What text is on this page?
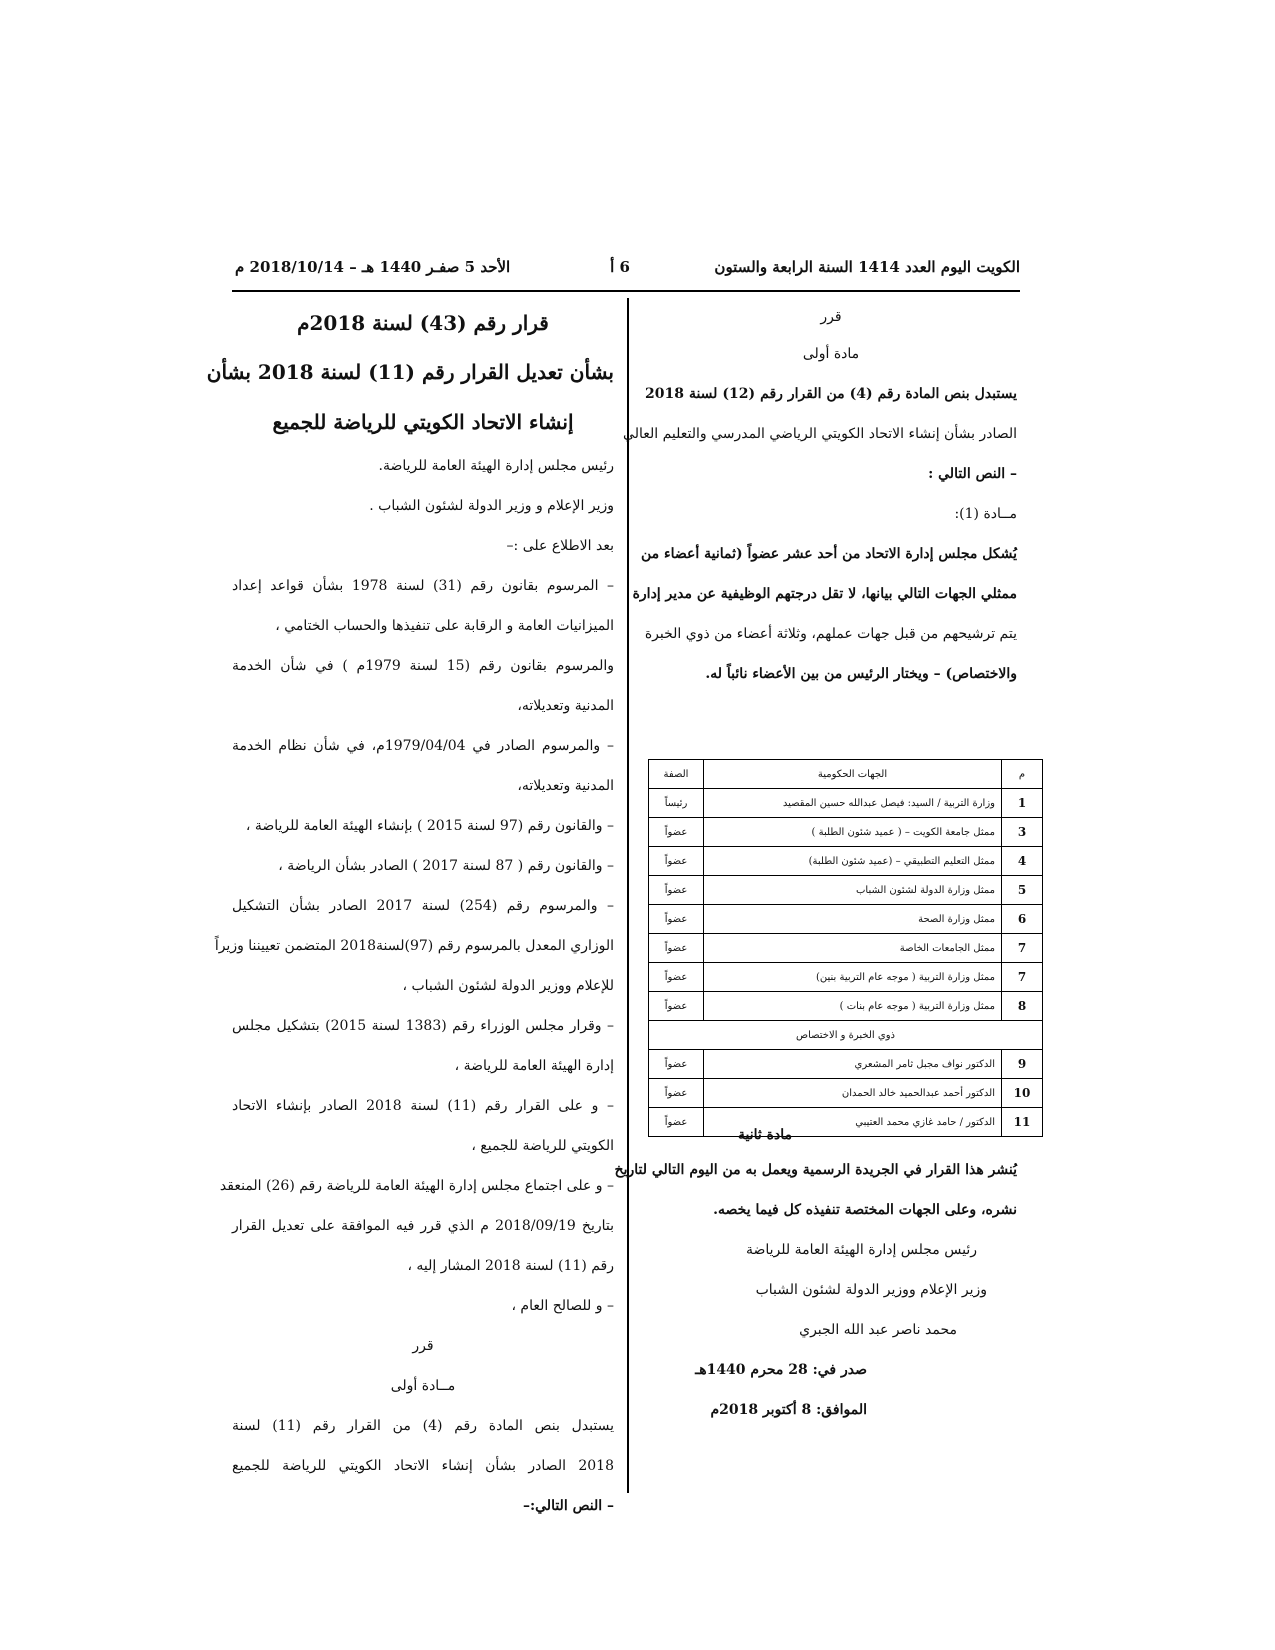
الكويت اليوم العدد 1414 السنة الرابعة والستون
6 أ
الأحد 5 صفـر 1440 هـ – 2018/10/14 م
قرر
مادة أولى
يستبدل بنص المادة رقم (4) من القرار رقم (12) لسنة 2018
الصادر بشأن إنشاء الاتحاد الكويتي الرياضي المدرسي والتعليم العالي
– النص التالي :
مــادة (1):
يُشكل مجلس إدارة الاتحاد من أحد عشر عضواً (ثمانية أعضاء من
ممثلي الجهات التالي بيانها، لا تقل درجتهم الوظيفية عن مدير إدارة
يتم ترشيحهم من قبل جهات عملهم، وثلاثة أعضاء من ذوي الخبرة
والاختصاص) – ويختار الرئيس من بين الأعضاء نائباً له.
م	الجهات الحكومية	الصفة
1	وزارة التربية / السيد: فيصل عبدالله حسين المقصيد	رئيساً
3	ممثل جامعة الكويت – ( عميد شئون الطلبة )	عضواً
4	ممثل التعليم التطبيقي – (عميد شئون الطلبة)	عضواً
5	ممثل وزارة الدولة لشئون الشباب	عضواً
6	ممثل وزارة الصحة	عضواً
7	ممثل الجامعات الخاصة	عضواً
7	ممثل وزارة التربية ( موجه عام التربية بنين)	عضواً
8	ممثل وزارة التربية ( موجه عام بنات )	عضواً
ذوي الخبرة و الاختصاص		
9	الدكتور نواف مجبل ثامر المشعري	عضواً
10	الدكتور أحمد عبدالحميد خالد الحمدان	عضواً
11	الدكتور / حامد غازي محمد العتيبي	عضواً
مادة ثانية
يُنشر هذا القرار في الجريدة الرسمية ويعمل به من اليوم التالي لتاريخ
نشره، وعلى الجهات المختصة تنفيذه كل فيما يخصه.
رئيس مجلس إدارة الهيئة العامة للرياضة
وزير الإعلام ووزير الدولة لشئون الشباب
محمد ناصر عبد الله الجبري
صدر في: 28 محرم 1440هـ
الموافق: 8 أكتوبر 2018م
قرار رقم (43) لسنة 2018م
بشأن تعديل القرار رقم (11) لسنة 2018 بشأن
إنشاء الاتحاد الكويتي للرياضة للجميع
رئيس مجلس إدارة الهيئة العامة للرياضة.
وزير الإعلام و وزير الدولة لشئون الشباب .
بعد الاطلاع على :–
– المرسوم بقانون رقم (31) لسنة 1978 بشأن قواعد إعداد
الميزانيات العامة و الرقابة على تنفيذها والحساب الختامي ،
والمرسوم بقانون رقم (15 لسنة 1979م ) في شأن الخدمة
المدنية وتعديلاته،
– والمرسوم الصادر في 1979/04/04م، في شأن نظام الخدمة
المدنية وتعديلاته،
– والقانون رقم (97 لسنة 2015 ) بإنشاء الهيئة العامة للرياضة ،
– والقانون رقم ( 87 لسنة 2017 ) الصادر بشأن الرياضة ،
– والمرسوم رقم (254) لسنة 2017 الصادر بشأن التشكيل
الوزاري المعدل بالمرسوم رقم (97)لسنة2018 المتضمن تعييننا وزيراً
للإعلام ووزير الدولة لشئون الشباب ،
– وقرار مجلس الوزراء رقم (1383 لسنة 2015) بتشكيل مجلس
إدارة الهيئة العامة للرياضة ،
– و على القرار رقم (11) لسنة 2018 الصادر بإنشاء الاتحاد
الكويتي للرياضة للجميع ،
– و على اجتماع مجلس إدارة الهيئة العامة للرياضة رقم (26) المنعقد
بتاريخ 2018/09/19 م الذي قرر فيه الموافقة على تعديل القرار
رقم (11) لسنة 2018 المشار إليه ،
– و للصالح العام ،
قرر
مــادة أولى
يستبدل بنص المادة رقم (4) من القرار رقم (11) لسنة
2018 الصادر بشأن إنشاء الاتحاد الكويتي للرياضة للجميع
– النص التالي:–
